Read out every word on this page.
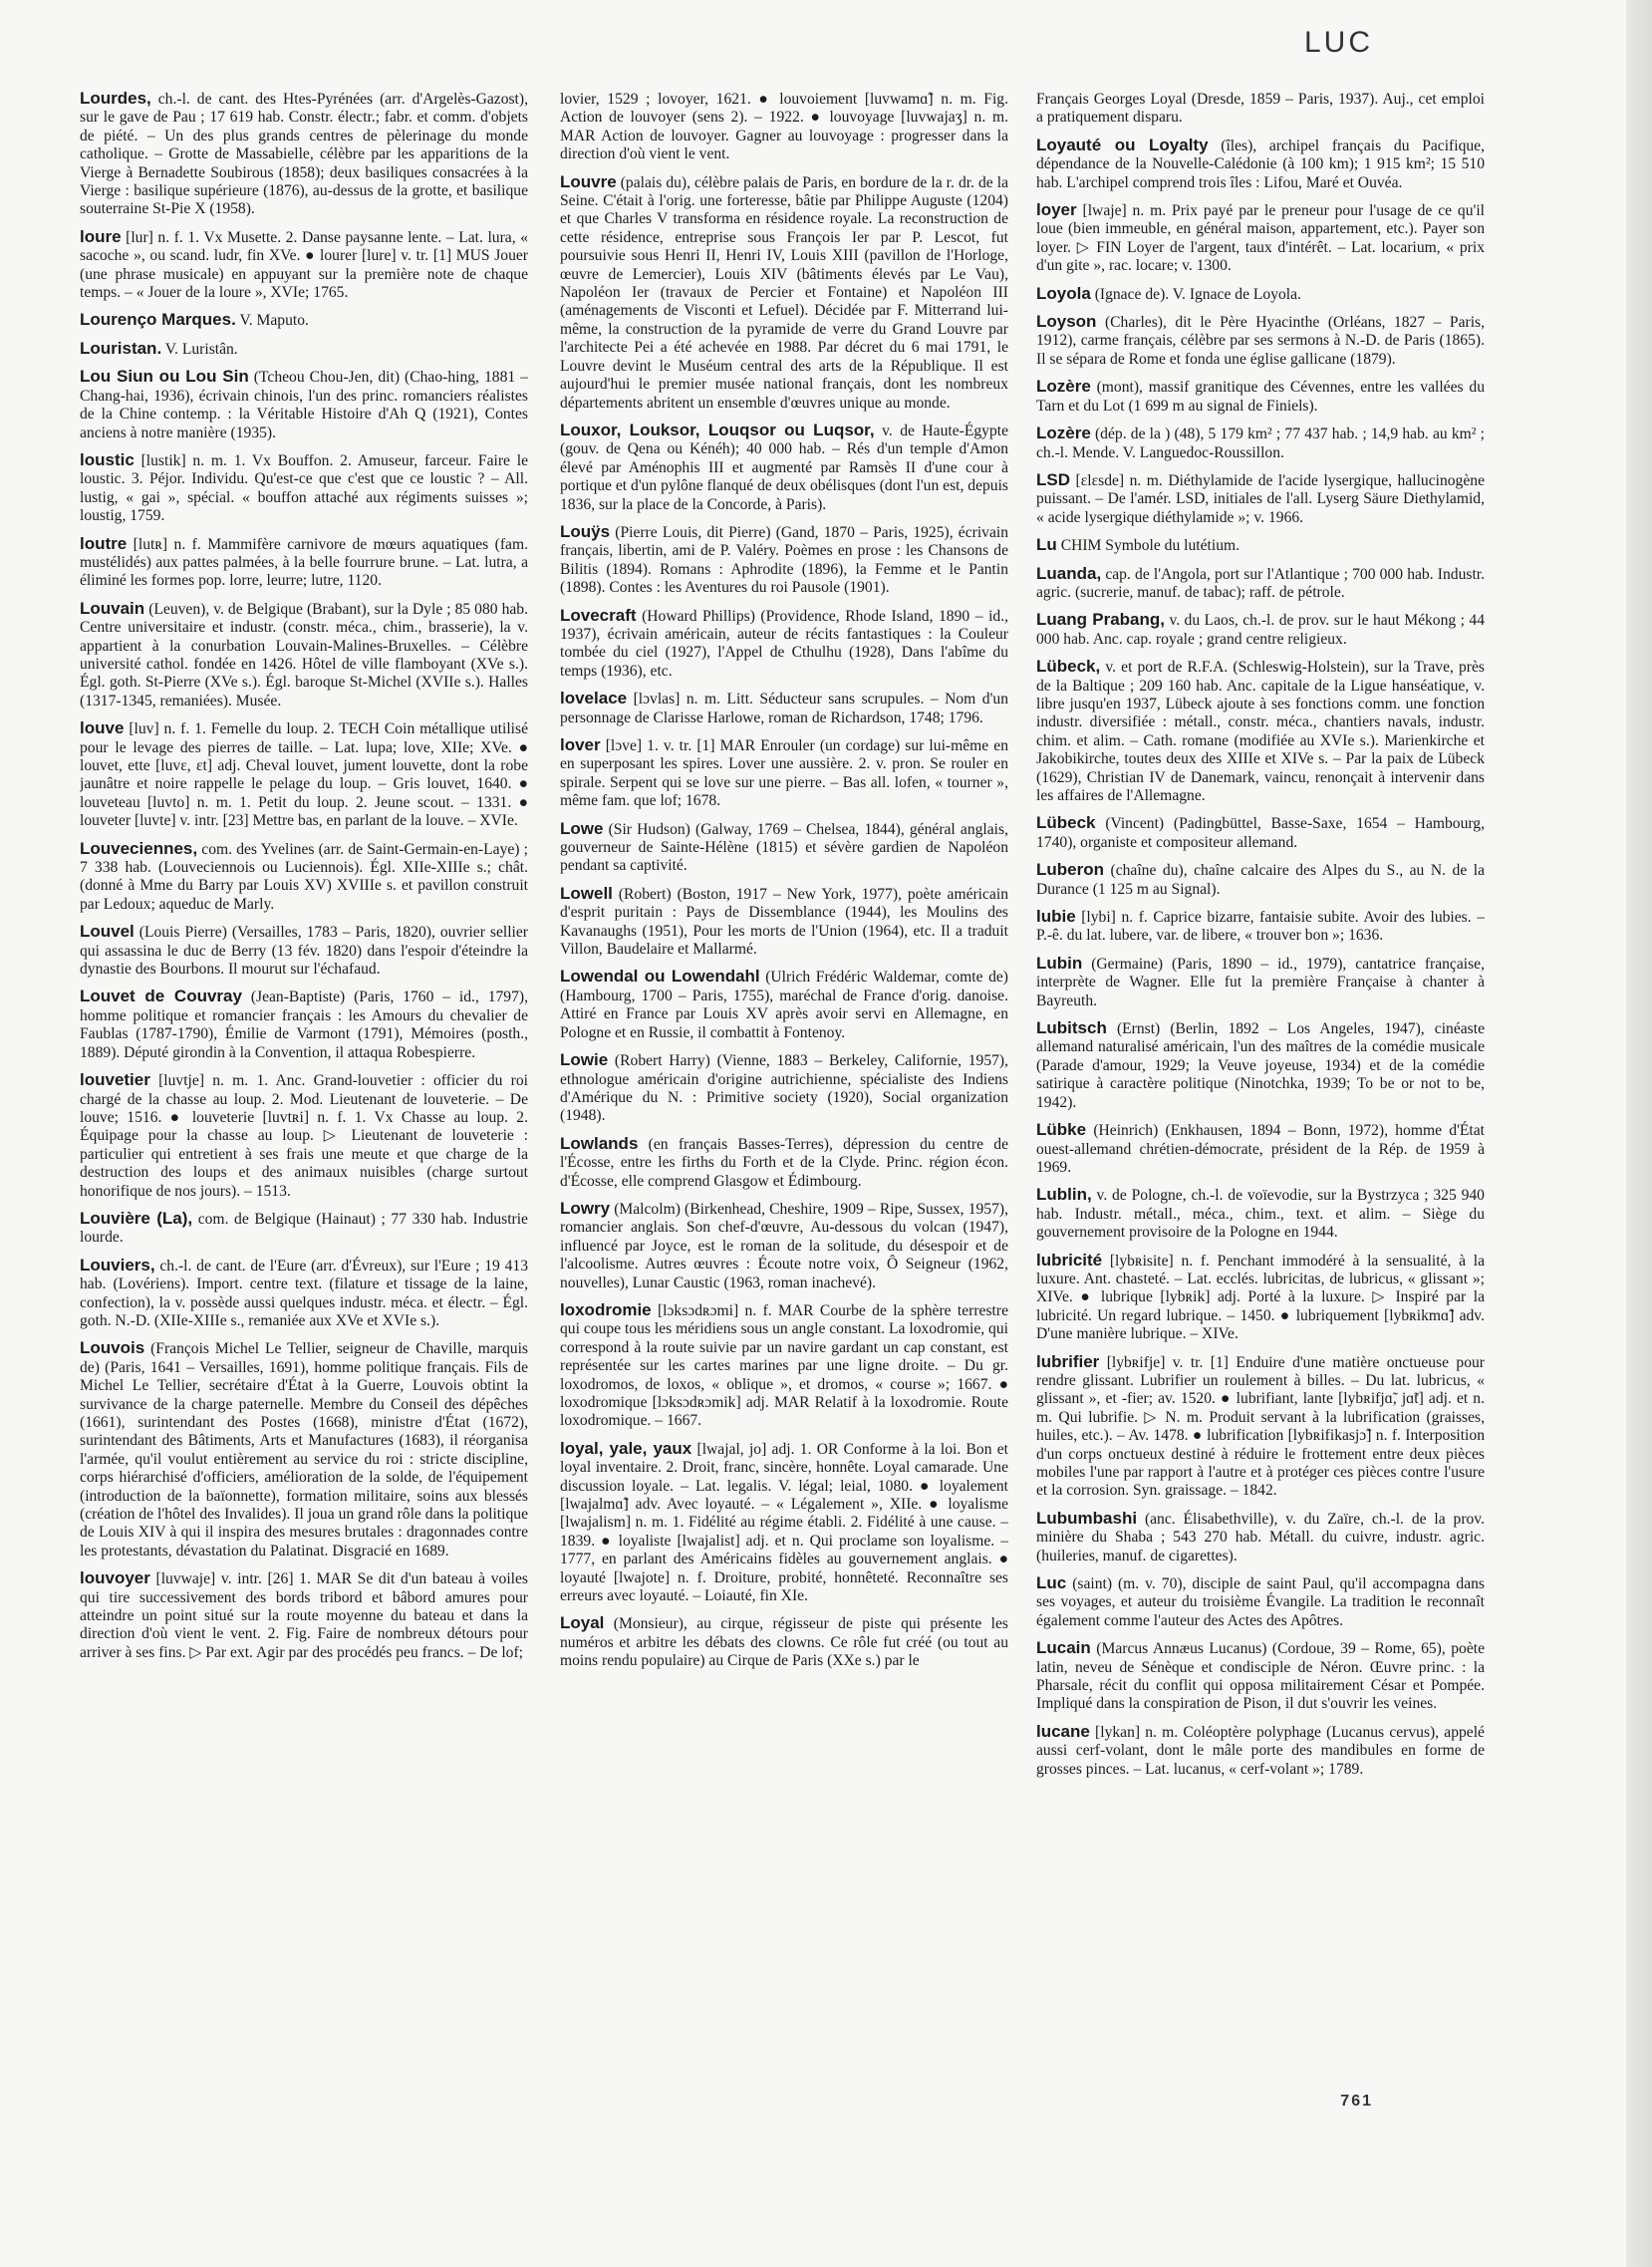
LUC

Lourdes, ch.-l. de cant. des Htes-Pyrénées (arr. d'Argelès-Gazost), sur le gave de Pau ; 17 619 hab. Constr. électr.; fabr. et comm. d'objets de piété. – Un des plus grands centres de pèlerinage du monde catholique. – Grotte de Massabielle, célèbre par les apparitions de la Vierge à Bernadette Soubirous (1858); deux basiliques consacrées à la Vierge : basilique supérieure (1876), au-dessus de la grotte, et basilique souterraine St-Pie X (1958).

loure [lur] n. f. 1. Vx Musette. 2. Danse paysanne lente. – Lat. lura, « sacoche », ou scand. ludr, fin XVe. ● lourer [lure] v. tr. [1] MUS Jouer (une phrase musicale) en appuyant sur la première note de chaque temps. – « Jouer de la loure », XVIe; 1765.

Lourenço Marques. V. Maputo.

Louristan. V. Luristân.

Lou Siun ou Lou Sin (Tcheou Chou-Jen, dit) (Chao-hing, 1881 – Chang-hai, 1936), écrivain chinois, l'un des princ. romanciers réalistes de la Chine contemp. : la Véritable Histoire d'Ah Q (1921), Contes anciens à notre manière (1935).

loustic [lustik] n. m. 1. Vx Bouffon. 2. Amuseur, farceur. Faire le loustic. 3. Péjor. Individu. Qu'est-ce que c'est que ce loustic ? – All. lustig, « gai », spécial. « bouffon attaché aux régiments suisses »; loustig, 1759.

loutre [lutʀ] n. f. Mammifère carnivore de mœurs aquatiques (fam. mustélidés) aux pattes palmées, à la belle fourrure brune. – Lat. lutra, a éliminé les formes pop. lorre, leurre; lutre, 1120.

Louvain (Leuven), v. de Belgique (Brabant), sur la Dyle ; 85 080 hab. Centre universitaire et industr. (constr. méca., chim., brasserie), la v. appartient à la conurbation Louvain-Malines-Bruxelles. – Célèbre université cathol. fondée en 1426. Hôtel de ville flamboyant (XVe s.). Égl. goth. St-Pierre (XVe s.). Égl. baroque St-Michel (XVIIe s.). Halles (1317-1345, remaniées). Musée.

louve [luv] n. f. 1. Femelle du loup. 2. TECH Coin métallique utilisé pour le levage des pierres de taille. – Lat. lupa; love, XIIe; XVe. ● louvet, ette [luvɛ, ɛt] adj. Cheval louvet, jument louvette, dont la robe jaunâtre et noire rappelle le pelage du loup. – Gris louvet, 1640. ● louveteau [luvto] n. m. 1. Petit du loup. 2. Jeune scout. – 1331. ● louveter [luvte] v. intr. [23] Mettre bas, en parlant de la louve. – XVIe.

Louveciennes, com. des Yvelines (arr. de Saint-Germain-en-Laye) ; 7 338 hab. (Louveciennois ou Luciennois). Égl. XIIe-XIIIe s.; chât. (donné à Mme du Barry par Louis XV) XVIIIe s. et pavillon construit par Ledoux; aqueduc de Marly.

Louvel (Louis Pierre) (Versailles, 1783 – Paris, 1820), ouvrier sellier qui assassina le duc de Berry (13 fév. 1820) dans l'espoir d'éteindre la dynastie des Bourbons. Il mourut sur l'échafaud.

Louvet de Couvray (Jean-Baptiste) (Paris, 1760 – id., 1797), homme politique et romancier français : les Amours du chevalier de Faublas (1787-1790), Émilie de Varmont (1791), Mémoires (posth., 1889). Député girondin à la Convention, il attaqua Robespierre.

louvetier [luvtje] n. m. 1. Anc. Grand-louvetier : officier du roi chargé de la chasse au loup. 2. Mod. Lieutenant de louveterie. – De louve; 1516. ● louveterie [luvtʀi] n. f. 1. Vx Chasse au loup. 2. Équipage pour la chasse au loup. ▷ Lieutenant de louveterie : particulier qui entretient à ses frais une meute et que charge de la destruction des loups et des animaux nuisibles (charge surtout honorifique de nos jours). – 1513.

Louvière (La), com. de Belgique (Hainaut) ; 77 330 hab. Industrie lourde.

Louviers, ch.-l. de cant. de l'Eure (arr. d'Évreux), sur l'Eure ; 19 413 hab. (Lovériens). Import. centre text. (filature et tissage de la laine, confection), la v. possède aussi quelques industr. méca. et électr. – Égl. goth. N.-D. (XIIe-XIIIe s., remaniée aux XVe et XVIe s.).

Louvois (François Michel Le Tellier, seigneur de Chaville, marquis de) (Paris, 1641 – Versailles, 1691), homme politique français. Fils de Michel Le Tellier, secrétaire d'État à la Guerre, Louvois obtint la survivance de la charge paternelle. Membre du Conseil des dépêches (1661), surintendant des Postes (1668), ministre d'État (1672), surintendant des Bâtiments, Arts et Manufactures (1683), il réorganisa l'armée, qu'il voulut entièrement au service du roi : stricte discipline, corps hiérarchisé d'officiers, amélioration de la solde, de l'équipement (introduction de la baïonnette), formation militaire, soins aux blessés (création de l'hôtel des Invalides). Il joua un grand rôle dans la politique de Louis XIV à qui il inspira des mesures brutales : dragonnades contre les protestants, dévastation du Palatinat. Disgracié en 1689.

louvoyer [luvwaje] v. intr. [26] 1. MAR Se dit d'un bateau à voiles qui tire successivement des bords tribord et bâbord amures pour atteindre un point situé sur la route moyenne du bateau et dans la direction d'où vient le vent. 2. Fig. Faire de nombreux détours pour arriver à ses fins. ▷ Par ext. Agir par des procédés peu francs. – De lof;

lovier, 1529 ; lovoyer, 1621. ● louvoiement [luvwamɑ̃] n. m. Fig. Action de louvoyer (sens 2). – 1922. ● louvoyage [luvwajaʒ] n. m. MAR Action de louvoyer. Gagner au louvoyage : progresser dans la direction d'où vient le vent.

Louvre (palais du), célèbre palais de Paris, en bordure de la r. dr. de la Seine. C'était à l'orig. une forteresse, bâtie par Philippe Auguste (1204) et que Charles V transforma en résidence royale. La reconstruction de cette résidence, entreprise sous François Ier par P. Lescot, fut poursuivie sous Henri II, Henri IV, Louis XIII (pavillon de l'Horloge, œuvre de Lemercier), Louis XIV (bâtiments élevés par Le Vau), Napoléon Ier (travaux de Percier et Fontaine) et Napoléon III (aménagements de Visconti et Lefuel). Décidée par F. Mitterrand lui-même, la construction de la pyramide de verre du Grand Louvre par l'architecte Pei a été achevée en 1988. Par décret du 6 mai 1791, le Louvre devint le Muséum central des arts de la République. Il est aujourd'hui le premier musée national français, dont les nombreux départements abritent un ensemble d'œuvres unique au monde.

Louxor, Louksor, Louqsor ou Luqsor, v. de Haute-Égypte (gouv. de Qena ou Kénéh); 40 000 hab. – Rés d'un temple d'Amon élevé par Aménophis III et augmenté par Ramsès II d'une cour à portique et d'un pylône flanqué de deux obélisques (dont l'un est, depuis 1836, sur la place de la Concorde, à Paris).

Louÿs (Pierre Louis, dit Pierre) (Gand, 1870 – Paris, 1925), écrivain français, libertin, ami de P. Valéry. Poèmes en prose : les Chansons de Bilitis (1894). Romans : Aphrodite (1896), la Femme et le Pantin (1898). Contes : les Aventures du roi Pausole (1901).

Lovecraft (Howard Phillips) (Providence, Rhode Island, 1890 – id., 1937), écrivain américain, auteur de récits fantastiques : la Couleur tombée du ciel (1927), l'Appel de Cthulhu (1928), Dans l'abîme du temps (1936), etc.

lovelace [lɔvlas] n. m. Litt. Séducteur sans scrupules. – Nom d'un personnage de Clarisse Harlowe, roman de Richardson, 1748; 1796.

lover [lɔve] 1. v. tr. [1] MAR Enrouler (un cordage) sur lui-même en en superposant les spires. Lover une aussière. 2. v. pron. Se rouler en spirale. Serpent qui se love sur une pierre. – Bas all. lofen, « tourner », même fam. que lof; 1678.

Lowe (Sir Hudson) (Galway, 1769 – Chelsea, 1844), général anglais, gouverneur de Sainte-Hélène (1815) et sévère gardien de Napoléon pendant sa captivité.

Lowell (Robert) (Boston, 1917 – New York, 1977), poète américain d'esprit puritain : Pays de Dissemblance (1944), les Moulins des Kavanaughs (1951), Pour les morts de l'Union (1964), etc. Il a traduit Villon, Baudelaire et Mallarmé.

Lowendal ou Lowendahl (Ulrich Frédéric Waldemar, comte de) (Hambourg, 1700 – Paris, 1755), maréchal de France d'orig. danoise. Attiré en France par Louis XV après avoir servi en Allemagne, en Pologne et en Russie, il combattit à Fontenoy.

Lowie (Robert Harry) (Vienne, 1883 – Berkeley, Californie, 1957), ethnologue américain d'origine autrichienne, spécialiste des Indiens d'Amérique du N. : Primitive society (1920), Social organization (1948).

Lowlands (en français Basses-Terres), dépression du centre de l'Écosse, entre les firths du Forth et de la Clyde. Princ. région écon. d'Écosse, elle comprend Glasgow et Édimbourg.

Lowry (Malcolm) (Birkenhead, Cheshire, 1909 – Ripe, Sussex, 1957), romancier anglais. Son chef-d'œuvre, Au-dessous du volcan (1947), influencé par Joyce, est le roman de la solitude, du désespoir et de l'alcoolisme. Autres œuvres : Écoute notre voix, Ô Seigneur (1962, nouvelles), Lunar Caustic (1963, roman inachevé).

loxodromie [lɔksɔdʀɔmi] n. f. MAR Courbe de la sphère terrestre qui coupe tous les méridiens sous un angle constant. La loxodromie, qui correspond à la route suivie par un navire gardant un cap constant, est représentée sur les cartes marines par une ligne droite. – Du gr. loxodromos, de loxos, « oblique », et dromos, « course »; 1667. ● loxodromique [lɔksɔdʀɔmik] adj. MAR Relatif à la loxodromie. Route loxodromique. – 1667.

loyal, yale, yaux [lwajal, jo] adj. 1. OR Conforme à la loi. Bon et loyal inventaire. 2. Droit, franc, sincère, honnête. Loyal camarade. Une discussion loyale. – Lat. legalis. V. légal; leial, 1080. ● loyalement [lwajalmɑ̃] adv. Avec loyauté. – « Légalement », XIIe. ● loyalisme [lwajalism] n. m. 1. Fidélité au régime établi. 2. Fidélité à une cause. – 1839. ● loyaliste [lwajalist] adj. et n. Qui proclame son loyalisme. – 1777, en parlant des Américains fidèles au gouvernement anglais. ● loyauté [lwajote] n. f. Droiture, probité, honnêteté. Reconnaître ses erreurs avec loyauté. – Loiauté, fin XIe.

Loyal (Monsieur), au cirque, régisseur de piste qui présente les numéros et arbitre les débats des clowns. Ce rôle fut créé (ou tout au moins rendu populaire) au Cirque de Paris (XXe s.) par le

Français Georges Loyal (Dresde, 1859 – Paris, 1937). Auj., cet emploi a pratiquement disparu.

Loyauté ou Loyalty (îles), archipel français du Pacifique, dépendance de la Nouvelle-Calédonie (à 100 km); 1 915 km²; 15 510 hab. L'archipel comprend trois îles : Lifou, Maré et Ouvéa.

loyer [lwaje] n. m. Prix payé par le preneur pour l'usage de ce qu'il loue (bien immeuble, en général maison, appartement, etc.). Payer son loyer. ▷ FIN Loyer de l'argent, taux d'intérêt. – Lat. locarium, « prix d'un gite », rac. locare; v. 1300.

Loyola (Ignace de). V. Ignace de Loyola.

Loyson (Charles), dit le Père Hyacinthe (Orléans, 1827 – Paris, 1912), carme français, célèbre par ses sermons à N.-D. de Paris (1865). Il se sépara de Rome et fonda une église gallicane (1879).

Lozère (mont), massif granitique des Cévennes, entre les vallées du Tarn et du Lot (1 699 m au signal de Finiels).

Lozère (dép. de la ) (48), 5 179 km² ; 77 437 hab. ; 14,9 hab. au km² ; ch.-l. Mende. V. Languedoc-Roussillon.

LSD [ɛlɛsde] n. m. Diéthylamide de l'acide lysergique, hallucinogène puissant. – De l'amér. LSD, initiales de l'all. Lyserg Säure Diethylamid, « acide lysergique diéthylamide »; v. 1966.

Lu CHIM Symbole du lutétium.

Luanda, cap. de l'Angola, port sur l'Atlantique ; 700 000 hab. Industr. agric. (sucrerie, manuf. de tabac); raff. de pétrole.

Luang Prabang, v. du Laos, ch.-l. de prov. sur le haut Mékong ; 44 000 hab. Anc. cap. royale ; grand centre religieux.

Lübeck, v. et port de R.F.A. (Schleswig-Holstein), sur la Trave, près de la Baltique ; 209 160 hab. Anc. capitale de la Ligue hanséatique, v. libre jusqu'en 1937, Lübeck ajoute à ses fonctions comm. une fonction industr. diversifiée : métall., constr. méca., chantiers navals, industr. chim. et alim. – Cath. romane (modifiée au XVIe s.). Marienkirche et Jakobikirche, toutes deux des XIIIe et XIVe s. – Par la paix de Lübeck (1629), Christian IV de Danemark, vaincu, renonçait à intervenir dans les affaires de l'Allemagne.

Lübeck (Vincent) (Padingbüttel, Basse-Saxe, 1654 – Hambourg, 1740), organiste et compositeur allemand.

Luberon (chaîne du), chaîne calcaire des Alpes du S., au N. de la Durance (1 125 m au Signal).

lubie [lybi] n. f. Caprice bizarre, fantaisie subite. Avoir des lubies. – P.-ê. du lat. lubere, var. de libere, « trouver bon »; 1636.

Lubin (Germaine) (Paris, 1890 – id., 1979), cantatrice française, interprète de Wagner. Elle fut la première Française à chanter à Bayreuth.

Lubitsch (Ernst) (Berlin, 1892 – Los Angeles, 1947), cinéaste allemand naturalisé américain, l'un des maîtres de la comédie musicale (Parade d'amour, 1929; la Veuve joyeuse, 1934) et de la comédie satirique à caractère politique (Ninotchka, 1939; To be or not to be, 1942).

Lübke (Heinrich) (Enkhausen, 1894 – Bonn, 1972), homme d'État ouest-allemand chrétien-démocrate, président de la Rép. de 1959 à 1969.

Lublin, v. de Pologne, ch.-l. de voïevodie, sur la Bystrzyca ; 325 940 hab. Industr. métall., méca., chim., text. et alim. – Siège du gouvernement provisoire de la Pologne en 1944.

lubricité [lybʀisite] n. f. Penchant immodéré à la sensualité, à la luxure. Ant. chasteté. – Lat. ecclés. lubricitas, de lubricus, « glissant »; XIVe. ● lubrique [lybʀik] adj. Porté à la luxure. ▷ Inspiré par la lubricité. Un regard lubrique. – 1450. ● lubriquement [lybʀikmɑ̃] adv. D'une manière lubrique. – XIVe.

lubrifier [lybʀifje] v. tr. [1] Enduire d'une matière onctueuse pour rendre glissant. Lubrifier un roulement à billes. – Du lat. lubricus, « glissant », et -fier; av. 1520. ● lubrifiant, lante [lybʀifjɑ̃, jɑ̃t] adj. et n. m. Qui lubrifie. ▷ N. m. Produit servant à la lubrification (graisses, huiles, etc.). – Av. 1478. ● lubrification [lybʀifikasjɔ̃] n. f. Interposition d'un corps onctueux destiné à réduire le frottement entre deux pièces mobiles l'une par rapport à l'autre et à protéger ces pièces contre l'usure et la corrosion. Syn. graissage. – 1842.

Lubumbashi (anc. Élisabethville), v. du Zaïre, ch.-l. de la prov. minière du Shaba ; 543 270 hab. Métall. du cuivre, industr. agric. (huileries, manuf. de cigarettes).

Luc (saint) (m. v. 70), disciple de saint Paul, qu'il accompagna dans ses voyages, et auteur du troisième Évangile. La tradition le reconnaît également comme l'auteur des Actes des Apôtres.

Lucain (Marcus Annæus Lucanus) (Cordoue, 39 – Rome, 65), poète latin, neveu de Sénèque et condisciple de Néron. Œuvre princ. : la Pharsale, récit du conflit qui opposa militairement César et Pompée. Impliqué dans la conspiration de Pison, il dut s'ouvrir les veines.

lucane [lykan] n. m. Coléoptère polyphage (Lucanus cervus), appelé aussi cerf-volant, dont le mâle porte des mandibules en forme de grosses pinces. – Lat. lucanus, « cerf-volant »; 1789.

761
